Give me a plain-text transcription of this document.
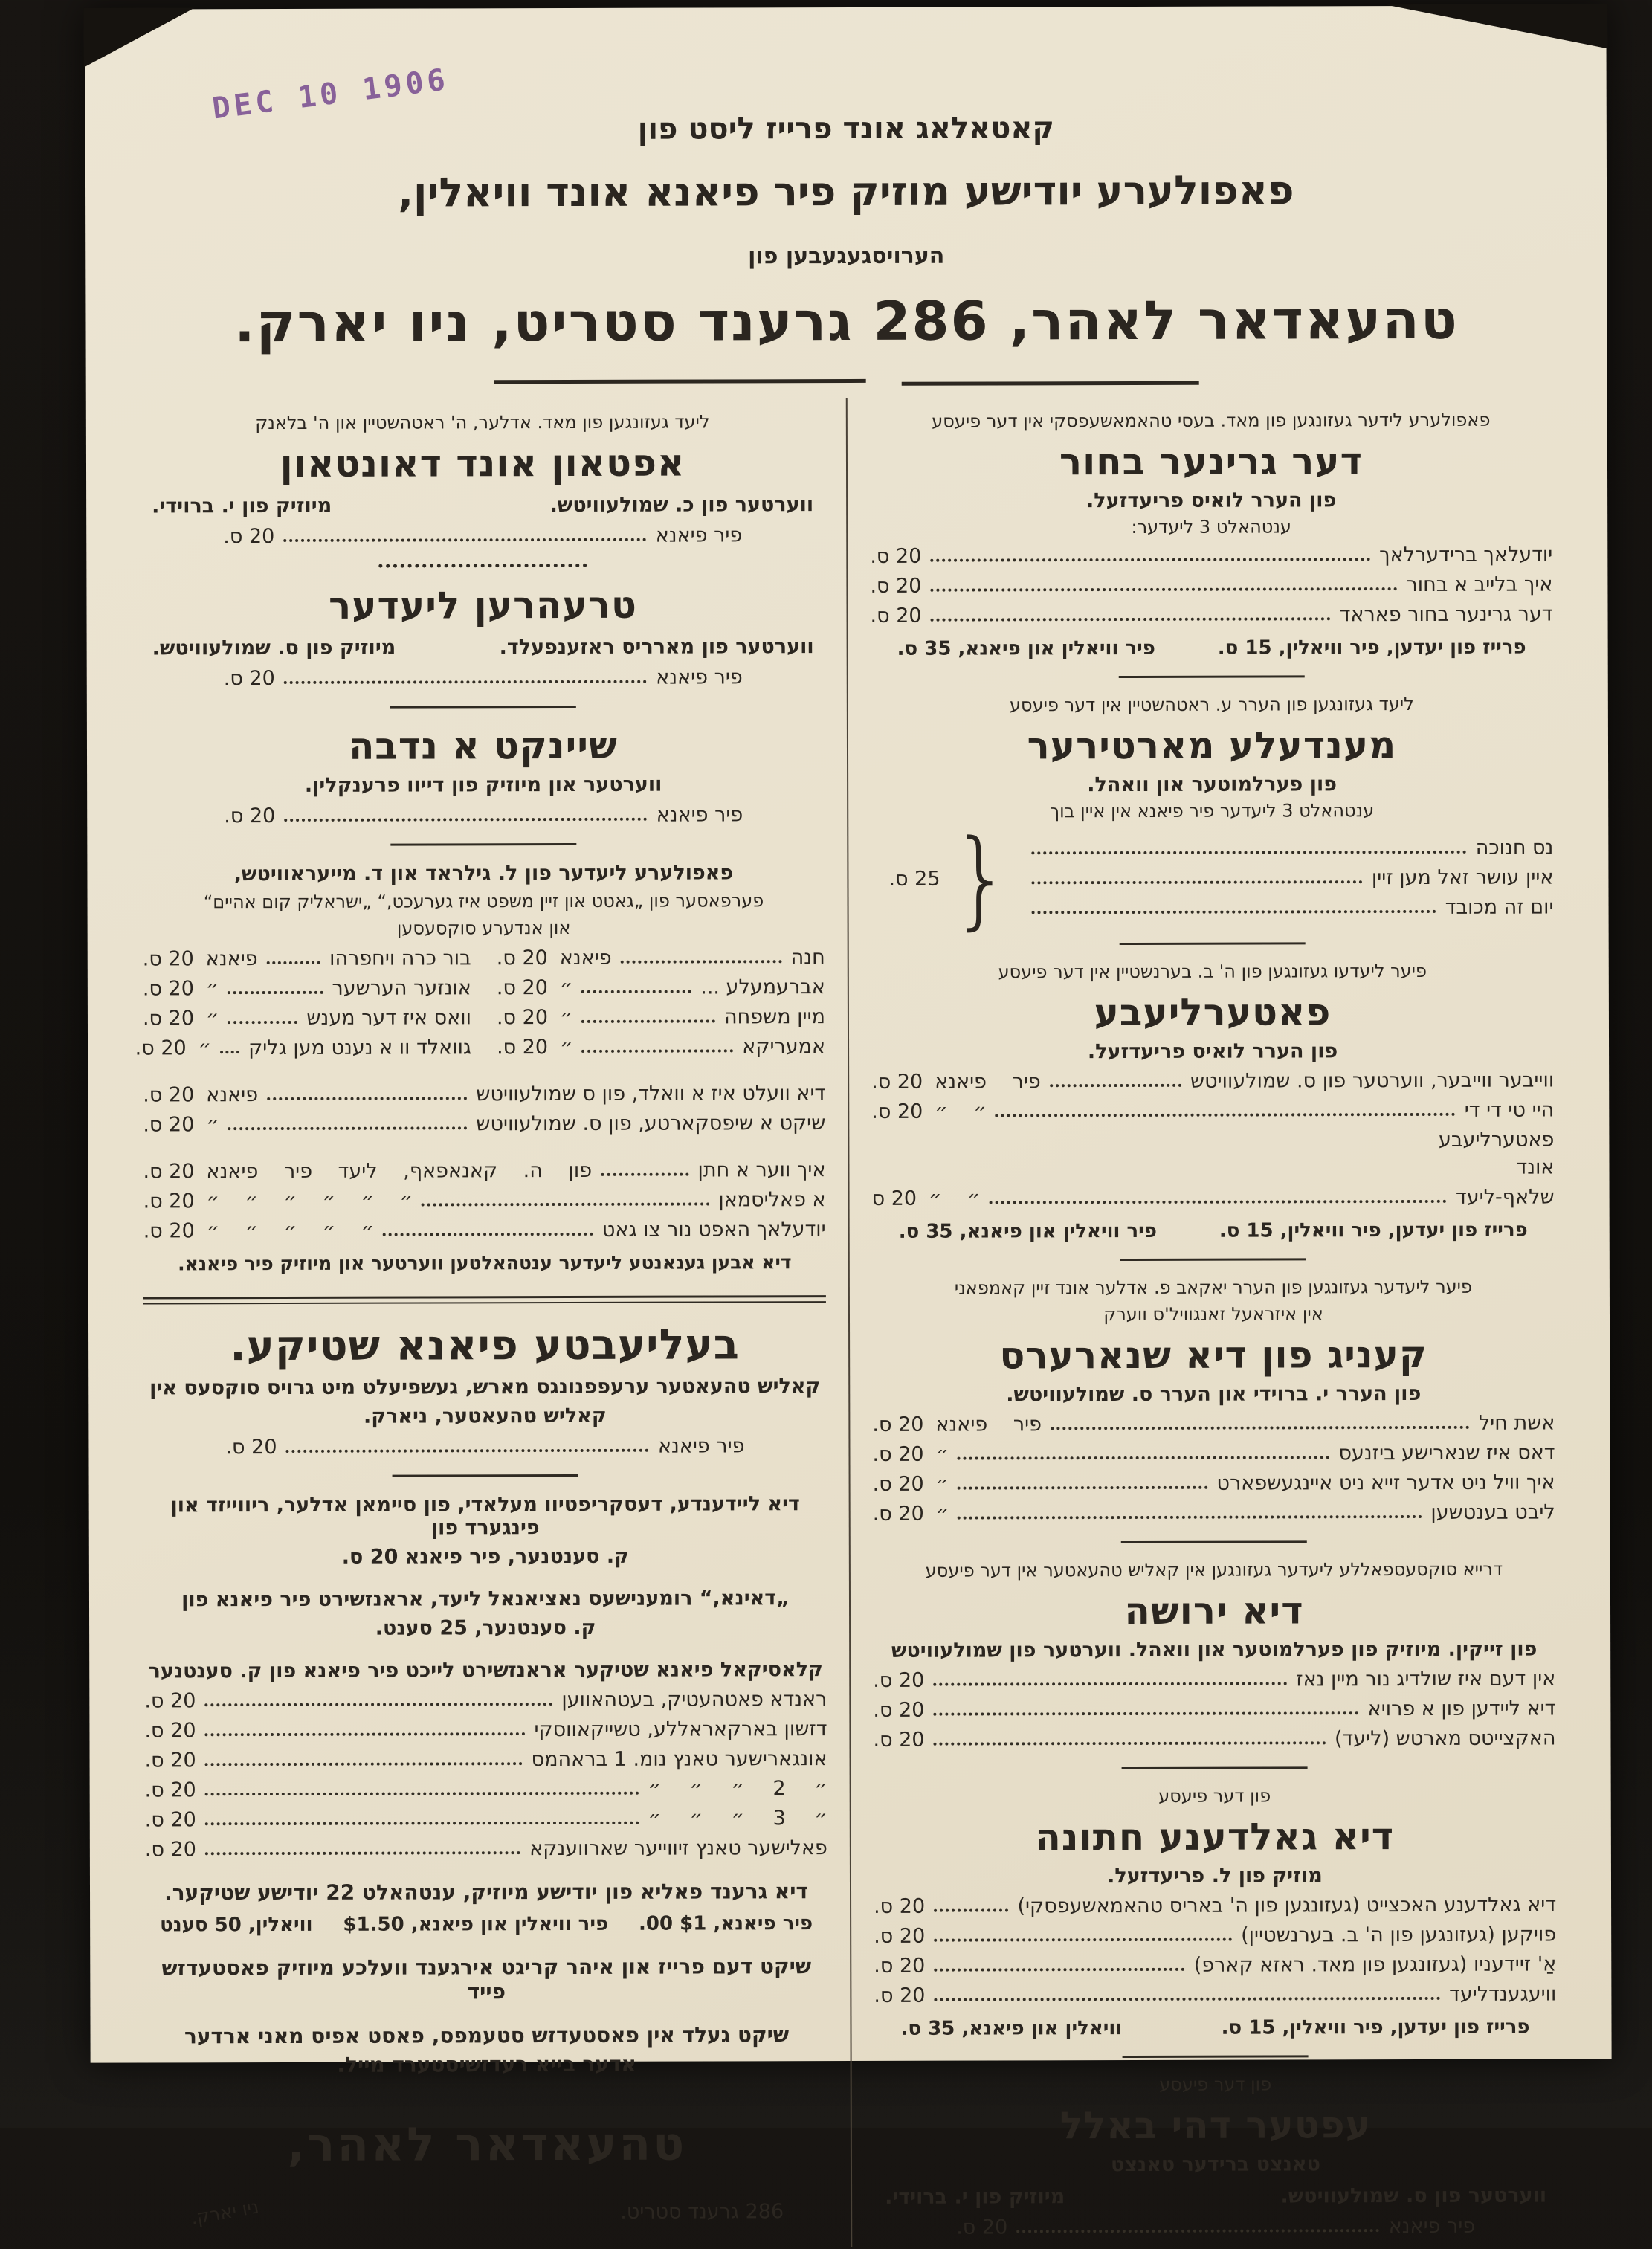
DEC 10 1906
קאטאלאג אונד פרייז ליסט פון
פאפולערע יודישע מוזיק פיר פיאנא אונד וויאלין,
הערויסגעגעבען פון
טהעאדאר לאהר, 286 גרענד סטריט, ניו יארק.
פאפולערע לידער געזונגען פון מאד. בעסי טהאמאשעפסקי אין דער פיעסע
דער גרינער בחור
פון הערר לואיס פריעדזעל.
ענטהאלט 3 ליעדער:
יודעלאך ברידערלאך
20 ס.
איך בלייב א בחור
20 ס.
דער גרינער בחור פאראד
20 ס.
פרייז פון יעדען, פיר וויאלין, 15 ס.
פיר וויאלין און פיאנא, 35 ס.
ליעד געזונגען פון הערר ע. ראטהשטיין אין דער פיעסע
מענדעלע מארטירער
פון פערלמוטער און וואהל.
ענטהאלט 3 ליעדער פיר פיאנא אין איין בוך
נס חנוכה
איין עושר זאל מען זיין
יום זה מכובד
{
25 ס.
פיער ליעדעו געזונגען פון ה' ב. בערנשטיין אין דער פיעסע
פאטערליעבע
פון הערר לואיס פריעדזעל.
ווייבער ווייבער, ווערטער פון ס. שמולעוויטש
פיר פיאנא
20 ס.
היי טי די די
״ ״
20 ס.
פאטערליעבע
אונד
שלאף-ליעד
״ ״
20 ס
פרייז פון יעדען, פיר וויאלין, 15 ס.
פיר וויאלין און פיאנא, 35 ס.
פיער ליעדער געזונגען פון הערר יאקאב פ. אדלער אונד זיין קאמפאני
אין איזראעל זאנגוויל'ס ווערק
קעניג פון דיא שנארערס
פון הערר י. ברוידי און הערר ס. שמולעוויטש.
אשת חיל
פיר פיאנא
20 ס.
דאס איז שנארישע ביזנעס
״
20 ס.
איך וויל ניט אדער זייא ניט איינגעשפארט
״
20 ס.
ליבט בענטשען
״
20 ס.
דרייא סוקסעספאללע ליעדער געזונגען אין קאליש טהעאטער אין דער פיעסע
דיא ירושה
פון זייקין. מיוזיק פון פערלמוטער און וואהל. ווערטער פון שמולעוויטש
אין דעם איז שולדיג נור מיין נאז
20 ס.
דיא ליידען פון א פרויא
20 ס.
האקצייטס מארטש (ליעד)
20 ס.
פון דער פיעסע
דיא גאלדענע חתונה
מוזיק פון ל. פריעדזעל.
דיא גאלדענע האכצייט (געזונגען פון ה' באריס טהאמאשעפסקי)
20 ס.
פויקען (געזונגען פון ה' ב. בערנשטיין)
20 ס.
אַ' זיידעניו (געזונגען פון מאד. ראזא קארפ)
20 ס.
וויעגענדליעד
20 ס.
פרייז פון יעדען, פיר וויאלין, 15 ס.
וויאלין און פיאנא, 35 ס.
פון דער פיעסע
עפטער דהי באלל
טאנצט ברידער טאנצט
ווערטער פון ס. שמולעוויטש.
מיוזיק פון י. ברוידי.
פיר פיאנא
20 ס.
ליעד געזונגען פון מאד. אדלער, ה' ראטהשטיין און ה' בלאנק
אפטאון אונד דאונטאון
ווערטער פון כ. שמולעוויטש.
מיוזיק פון י. ברוידי.
פיר פיאנא
20 ס.
טרעהרען ליעדער
ווערטער פון מארריס ראזענפעלד.
מיוזיק פון ס. שמולעוויטש.
פיר פיאנא
20 ס.
שיינקט א נדבה
ווערטער און מיוזיק פון דייוו פרענקלין.
פיר פיאנא
20 ס.
פאפולערע ליעדער פון ל. גילראד און ד. מייעראוויטש,
פערפאסער פון „גאטט און זיין משפט איז גערעכט,“ „ישראליק קום אהיים“
און אנדערע סוקסעסען
חנה
פיאנא
20 ס.
אברעמעלע ...
״
20 ס.
מיין משפחה
״
20 ס.
אמעריקא
״
20 ס.
בור כרה ויחפרהו
פיאנא
20 ס.
אונזער הערשער
״
20 ס.
וואס איז דער מענש
״
20 ס.
גוואלד וו א נענט מען גליק
״
20 ס.
דיא וועלט איז א וואלד, פון ס שמולעוויטש
פיאנא
20 ס.
שיקט א שיפסקארטע, פון ס. שמולעוויטש
״
20 ס.
איך ווער א חתן
פון ה. קאנאפאף, ליעד פיר פיאנא
20 ס.
א פאליסמאן
״ ״ ״ ״ ״ ״
20 ס.
יודעלאך האפט נור צו גאט
״ ״ ״ ״ ״
20 ס.
דיא אבען גענאנטע ליעדער ענטהאלטען ווערטער און מיוזיק פיר פיאנא.
בעליעבטע פיאנא שטיקע.
קאליש טהעאטער ערעפפנונגס מארש, געשפיעלט מיט גרויס סוקסעס אין
קאליש טהעאטער, ניארק.
פיר פיאנא
20 ס.
דיא ליידענדע, דעסקריפטיוו מעלאדי, פון סיימאן אדלער, ריווייזד און פינגערד פון
ק. סענטנער, פיר פיאנא 20 ס.
„דאינא,“ רומענישעס נאציאנאל ליעד, אראנזשירט פיר פיאנא פון
ק. סענטנער, 25 סענט.
קלאסיקאל פיאנא שטיקער אראנזשירט לייכט פיר פיאנא פון ק. סענטנער
ראנדא פאטהעטיק, בעטהאווען
20 ס.
דזשון בארקאראללע, טשייקאווסקי
20 ס.
אונגארישער טאנץ נומ. 1 בראהמס
20 ס.
״ 2 ״ ״ ״
20 ס.
״ 3 ״ ״ ״
20 ס.
פאלישער טאנץ זיווייער שארווענקא
20 ס.
דיא גרענד פאליא פון יודישע מיוזיק, ענטהאלט 22 יודישע שטיקער.
פיר פיאנא, $1 00.
פיר וויאלין און פיאנא, $1.50
וויאלין, 50 סענט
שיקט דעם פרייז און איהר קריגט אירגענד וועלכע מיוזיק פאסטעדזש פייד
שיקט געלד אין פאסטעדזש סטעמפס, פאסט אפיס מאני ארדער
אדער בייא רעדזשיסטערד מייל.
טהעאדאר לאהר,
286 גרענד סטריט.
ניו יארק.
